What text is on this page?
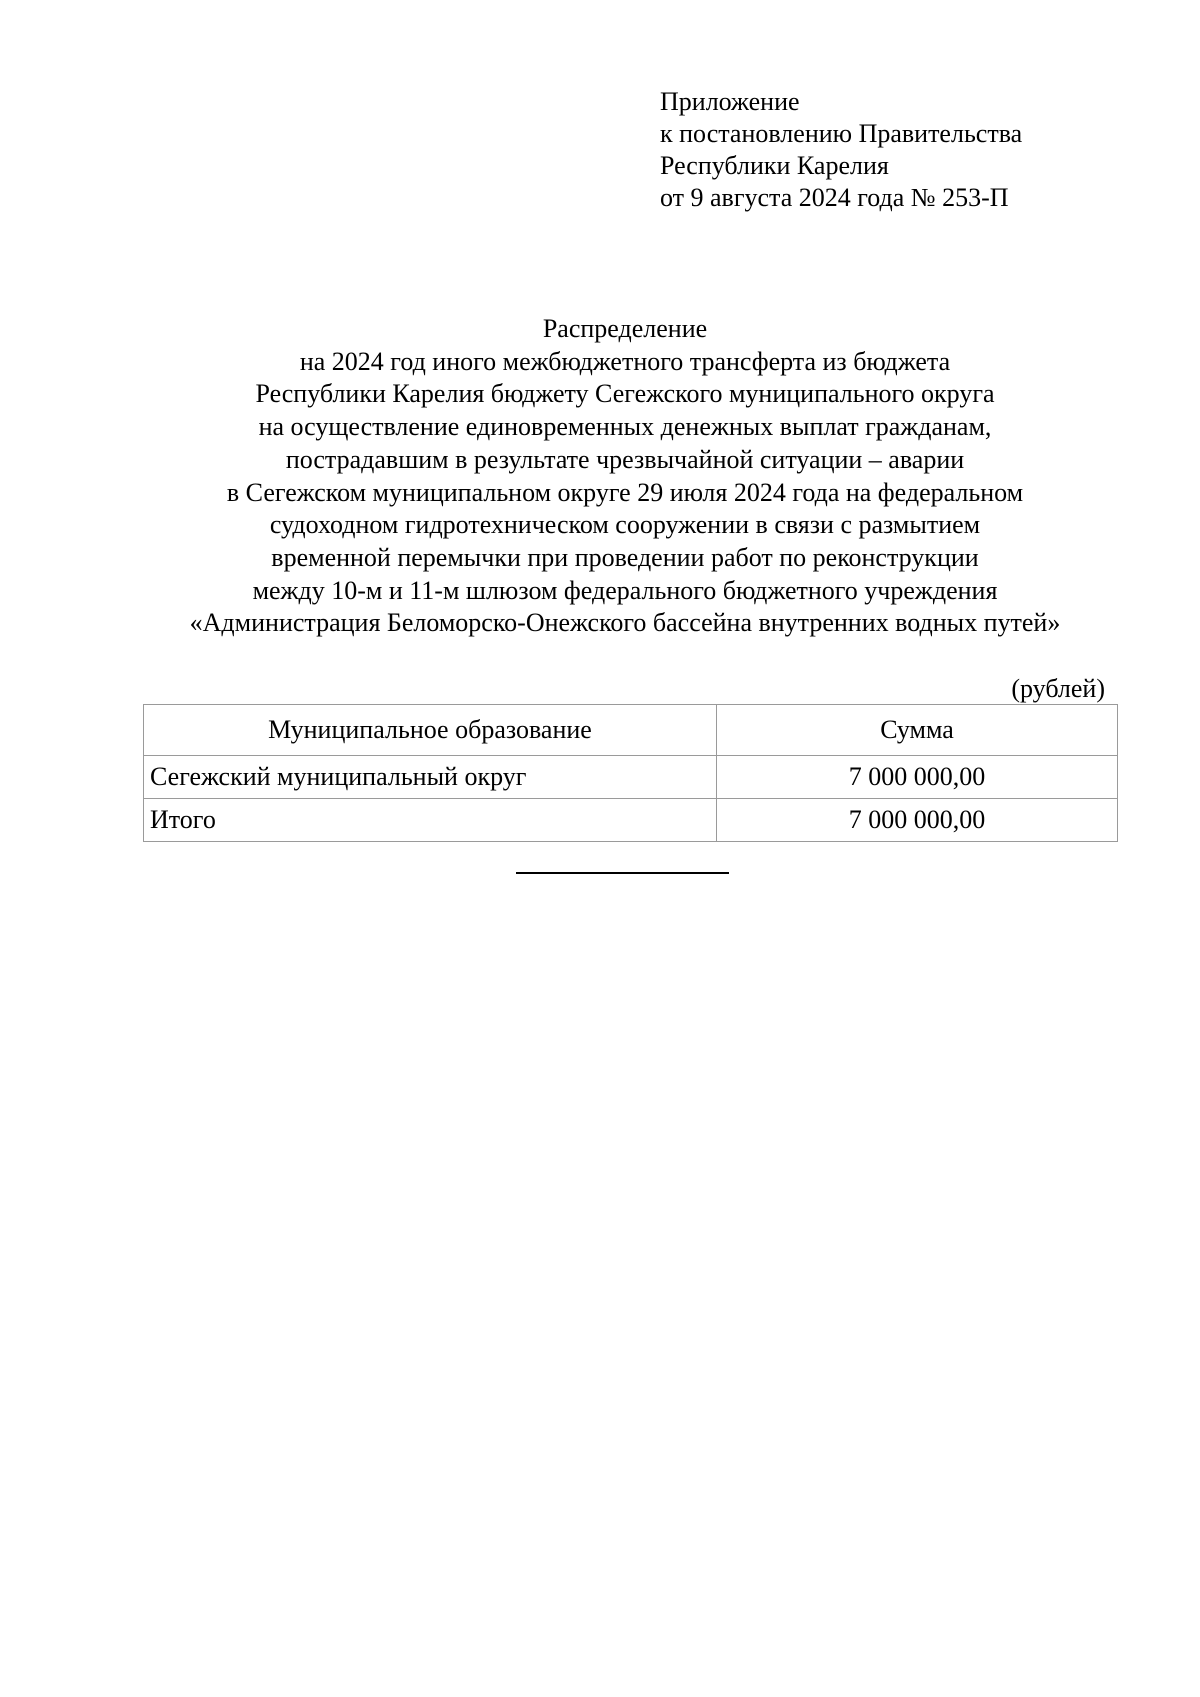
Приложение
к постановлению Правительства
Республики Карелия
от 9 августа 2024 года № 253-П
Распределение
на 2024 год иного межбюджетного трансферта из бюджета
Республики Карелия бюджету Сегежского муниципального округа
на осуществление единовременных денежных выплат гражданам,
пострадавшим в результате чрезвычайной ситуации – аварии
в Сегежском муниципальном округе 29 июля 2024 года на федеральном
судоходном гидротехническом сооружении в связи с размытием
временной перемычки при проведении работ по реконструкции
между 10-м и 11-м шлюзом федерального бюджетного учреждения
«Администрация Беломорско-Онежского бассейна внутренних водных путей»
(рублей)
Муниципальное образование	Сумма
Сегежский муниципальный округ	7 000 000,00
Итого	7 000 000,00
